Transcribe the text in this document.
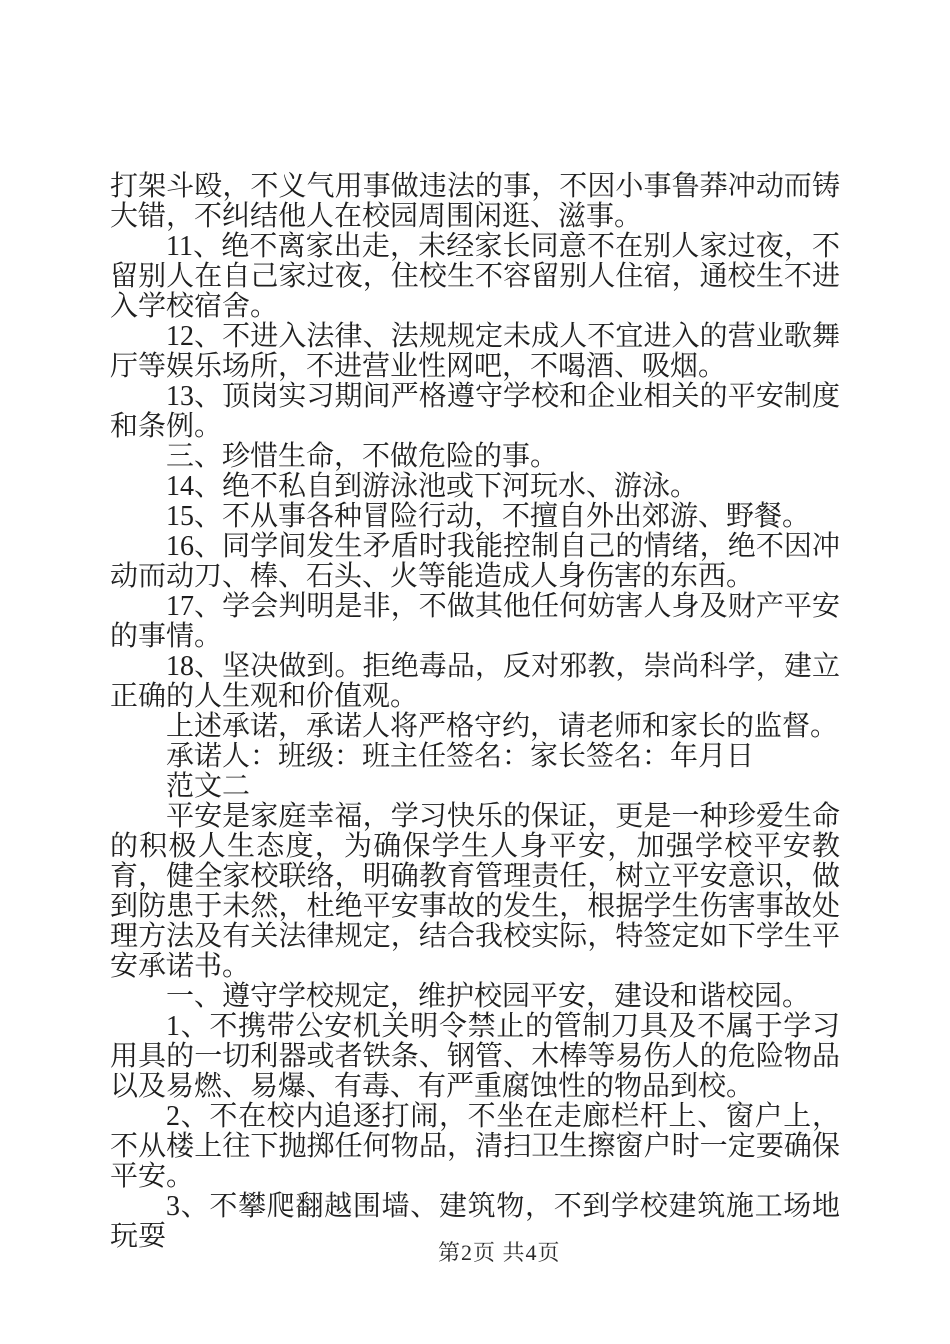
打架斗殴，不义气用事做违法的事，不因小事鲁莽冲动而铸大错，不纠结他人在校园周围闲逛、滋事。

11、绝不离家出走，未经家长同意不在别人家过夜，不留别人在自己家过夜，住校生不容留别人住宿，通校生不进入学校宿舍。

12、不进入法律、法规规定未成人不宜进入的营业歌舞厅等娱乐场所，不进营业性网吧，不喝酒、吸烟。

13、顶岗实习期间严格遵守学校和企业相关的平安制度和条例。

三、珍惜生命，不做危险的事。

14、绝不私自到游泳池或下河玩水、游泳。

15、不从事各种冒险行动，不擅自外出郊游、野餐。

16、同学间发生矛盾时我能控制自己的情绪，绝不因冲动而动刀、棒、石头、火等能造成人身伤害的东西。

17、学会判明是非，不做其他任何妨害人身及财产平安的事情。

18、坚决做到。拒绝毒品，反对邪教，崇尚科学，建立正确的人生观和价值观。

上述承诺，承诺人将严格守约，请老师和家长的监督。

承诺人：班级：班主任签名：家长签名：年月日

范文二

平安是家庭幸福，学习快乐的保证，更是一种珍爱生命的积极人生态度，为确保学生人身平安，加强学校平安教育，健全家校联络，明确教育管理责任，树立平安意识，做到防患于未然，杜绝平安事故的发生，根据学生伤害事故处理方法及有关法律规定，结合我校实际，特签定如下学生平安承诺书。

一、遵守学校规定，维护校园平安，建设和谐校园。

1、不携带公安机关明令禁止的管制刀具及不属于学习用具的一切利器或者铁条、钢管、木棒等易伤人的危险物品以及易燃、易爆、有毒、有严重腐蚀性的物品到校。

2、不在校内追逐打闹，不坐在走廊栏杆上、窗户上，不从楼上往下抛掷任何物品，清扫卫生擦窗户时一定要确保平安。

3、不攀爬翻越围墙、建筑物，不到学校建筑施工场地玩耍

第2页 共4页
